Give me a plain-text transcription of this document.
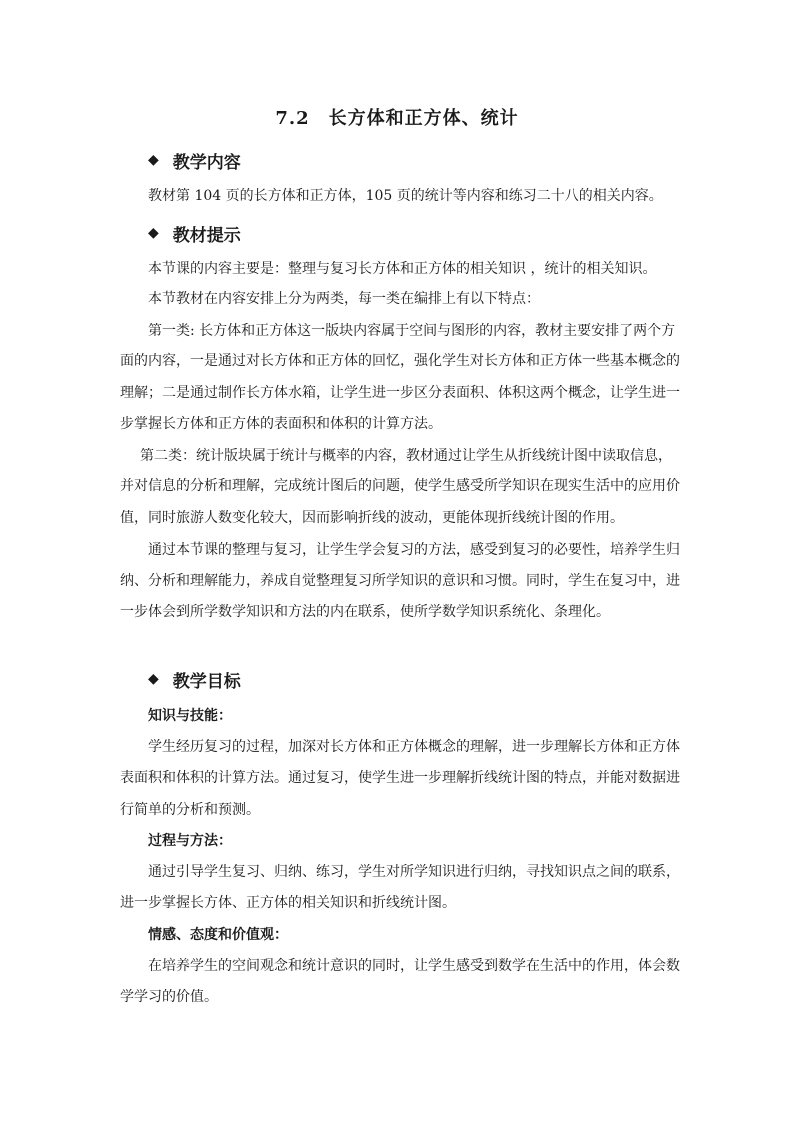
7.2　长方体和正方体、统计
◆ 教学内容
教材第 104 页的长方体和正方体，105 页的统计等内容和练习二十八的相关内容。
◆ 教材提示
本节课的内容主要是：整理与复习长方体和正方体的相关知识 ，统计的相关知识。
本节教材在内容安排上分为两类，每一类在编排上有以下特点：
第一类: 长方体和正方体这一版块内容属于空间与图形的内容，教材主要安排了两个方
面的内容，一是通过对长方体和正方体的回忆，强化学生对长方体和正方体一些基本概念的
理解；二是通过制作长方体水箱，让学生进一步区分表面积、体积这两个概念，让学生进一
步掌握长方体和正方体的表面积和体积的计算方法。
第二类：统计版块属于统计与概率的内容，教材通过让学生从折线统计图中读取信息，
并对信息的分析和理解，完成统计图后的问题，使学生感受所学知识在现实生活中的应用价
值，同时旅游人数变化较大，因而影响折线的波动，更能体现折线统计图的作用。
通过本节课的整理与复习，让学生学会复习的方法，感受到复习的必要性，培养学生归
纳、分析和理解能力，养成自觉整理复习所学知识的意识和习惯。同时，学生在复习中，进
一步体会到所学数学知识和方法的内在联系，使所学数学知识系统化、条理化。
◆ 教学目标
知识与技能：
学生经历复习的过程，加深对长方体和正方体概念的理解，进一步理解长方体和正方体
表面积和体积的计算方法。通过复习，使学生进一步理解折线统计图的特点，并能对数据进
行简单的分析和预测。
过程与方法：
通过引导学生复习、归纳、练习，学生对所学知识进行归纳，寻找知识点之间的联系，
进一步掌握长方体、正方体的相关知识和折线统计图。
情感、态度和价值观：
在培养学生的空间观念和统计意识的同时，让学生感受到数学在生活中的作用，体会数
学学习的价值。
